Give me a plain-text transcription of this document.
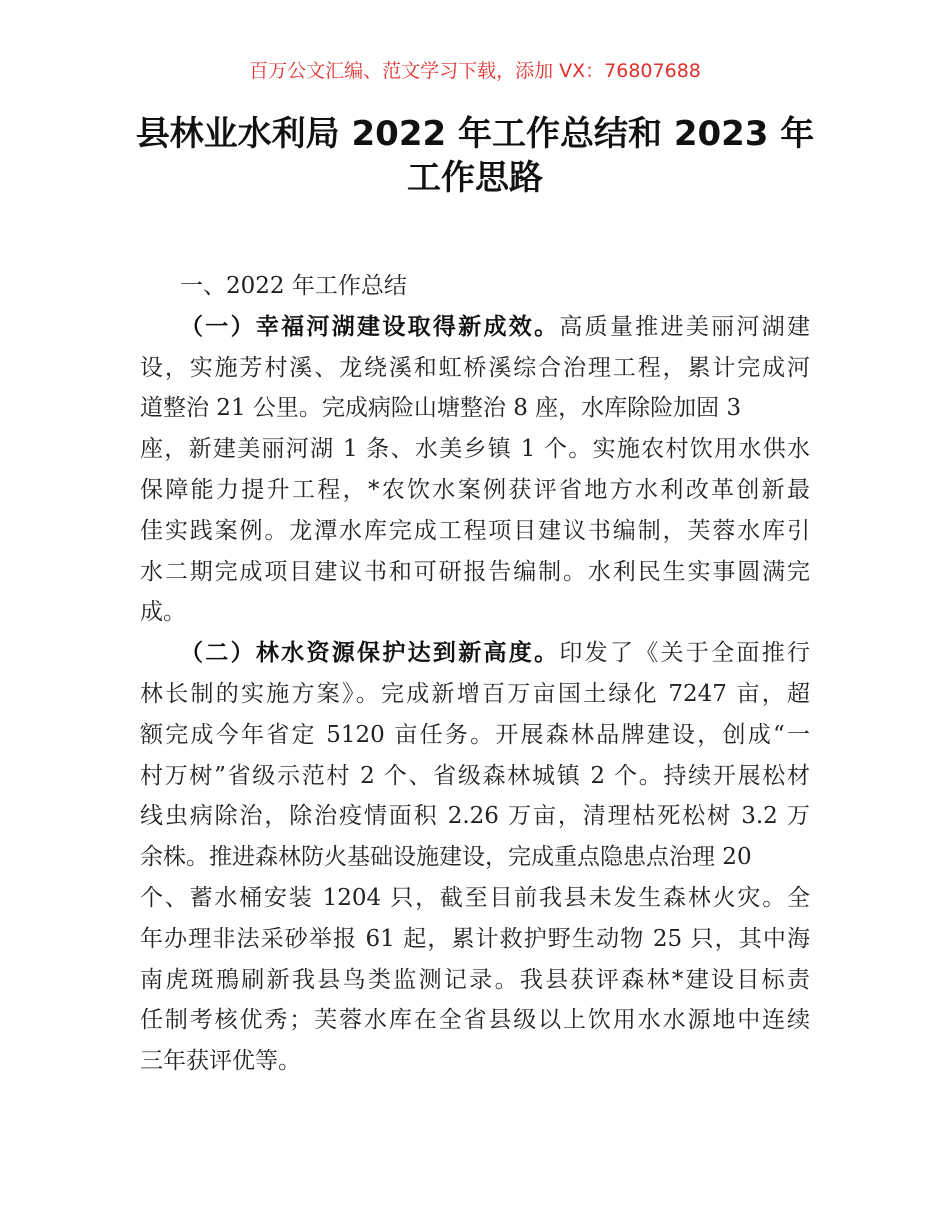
百万公文汇编、范文学习下载，添加 VX：76807688
县林业水利局 2022 年工作总结和 2023 年
工作思路
一、2022 年工作总结
（一）幸福河湖建设取得新成效。高质量推进美丽河湖建
设，实施芳村溪、龙绕溪和虹桥溪综合治理工程，累计完成河
道整治 21 公里。完成病险山塘整治 8 座，水库除险加固 3
座，新建美丽河湖 1 条、水美乡镇 1 个。实施农村饮用水供水
保障能力提升工程，*农饮水案例获评省地方水利改革创新最
佳实践案例。龙潭水库完成工程项目建议书编制，芙蓉水库引
水二期完成项目建议书和可研报告编制。水利民生实事圆满完
成。
（二）林水资源保护达到新高度。印发了《关于全面推行
林长制的实施方案》。完成新增百万亩国土绿化 7247 亩，超
额完成今年省定 5120 亩任务。开展森林品牌建设，创成“一
村万树”省级示范村 2 个、省级森林城镇 2 个。持续开展松材
线虫病除治，除治疫情面积 2.26 万亩，清理枯死松树 3.2 万
余株。推进森林防火基础设施建设，完成重点隐患点治理 20
个、蓄水桶安装 1204 只，截至目前我县未发生森林火灾。全
年办理非法采砂举报 61 起，累计救护野生动物 25 只，其中海
南虎斑鳽刷新我县鸟类监测记录。我县获评森林*建设目标责
任制考核优秀；芙蓉水库在全省县级以上饮用水水源地中连续
三年获评优等。
